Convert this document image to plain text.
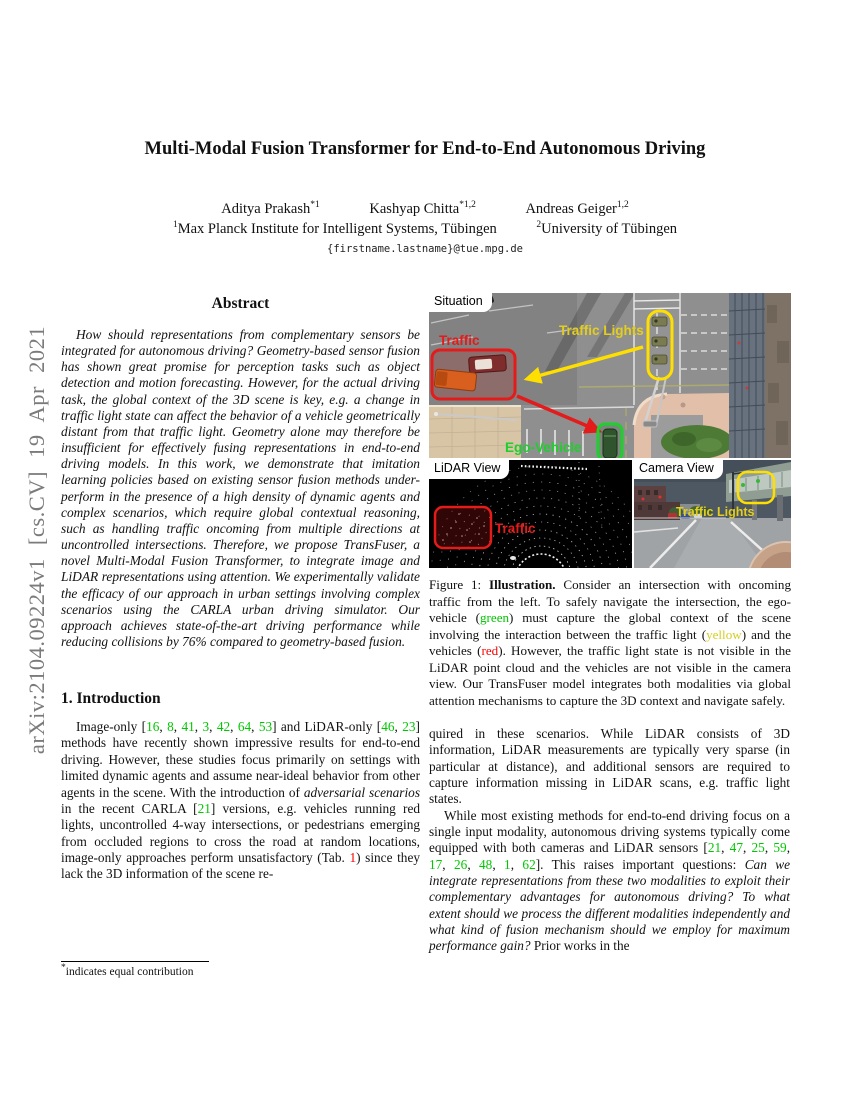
arXiv:2104.09224v1 [cs.CV] 19 Apr 2021
Multi-Modal Fusion Transformer for End-to-End Autonomous Driving
Aditya Prakash$^{*1}$	Kashyap Chitta$^{*1,2}$	Andreas Geiger$^{1,2}$
$^1$Max Planck Institute for Intelligent Systems, Tübingen	$^2$University of Tübingen
{firstname.lastname}@tue.mpg.de
Abstract

How should representations from complementary sensors be integrated for autonomous driving? Geometry-based sensor fusion has shown great promise for perception tasks such as object detection and motion forecasting. However, for the actual driving task, the global context of the 3D scene is key, e.g. a change in traffic light state can affect the behavior of a vehicle geometrically distant from that traffic light. Geometry alone may therefore be insufficient for effectively fusing representations in end-to-end driving models. In this work, we demonstrate that imitation learning policies based on existing sensor fusion methods under-perform in the presence of a high density of dynamic agents and complex scenarios, which require global contextual reasoning, such as handling traffic oncoming from multiple directions at uncontrolled intersections. Therefore, we propose TransFuser, a novel Multi-Modal Fusion Transformer, to integrate image and LiDAR representations using attention. We experimentally validate the efficacy of our approach in urban settings involving complex scenarios using the CARLA urban driving simulator. Our approach achieves state-of-the-art driving performance while reducing collisions by 76% compared to geometry-based fusion.

1. Introduction

Image-only [16, 8, 41, 3, 42, 64, 53] and LiDAR-only [46, 23] methods have recently shown impressive results for end-to-end driving. However, these studies focus primarily on settings with limited dynamic agents and assume near-ideal behavior from other agents in the scene. With the introduction of adversarial scenarios in the recent CARLA [21] versions, e.g. vehicles running red lights, uncontrolled 4-way intersections, or pedestrians emerging from occluded regions to cross the road at random locations, image-only approaches perform unsatisfactory (Tab. 1) since they lack the 3D information of the scene re-

*indicates equal contribution
Traffic
Traffic Lights
Ego-Vehicle
Situation
Traffic
LiDAR View
Traffic Lights
Camera View
Figure 1: Illustration. Consider an intersection with oncoming traffic from the left. To safely navigate the intersection, the ego-vehicle (green) must capture the global context of the scene involving the interaction between the traffic light (yellow) and the vehicles (red). However, the traffic light state is not visible in the LiDAR point cloud and the vehicles are not visible in the camera view. Our TransFuser model integrates both modalities via global attention mechanisms to capture the 3D context and navigate safely.

quired in these scenarios. While LiDAR consists of 3D information, LiDAR measurements are typically very sparse (in particular at distance), and additional sensors are required to capture information missing in LiDAR scans, e.g. traffic light states.

While most existing methods for end-to-end driving focus on a single input modality, autonomous driving systems typically come equipped with both cameras and LiDAR sensors [21, 47, 25, 59, 17, 26, 48, 1, 62]. This raises important questions: Can we integrate representations from these two modalities to exploit their complementary advantages for autonomous driving? To what extent should we process the different modalities independently and what kind of fusion mechanism should we employ for maximum performance gain? Prior works in the
